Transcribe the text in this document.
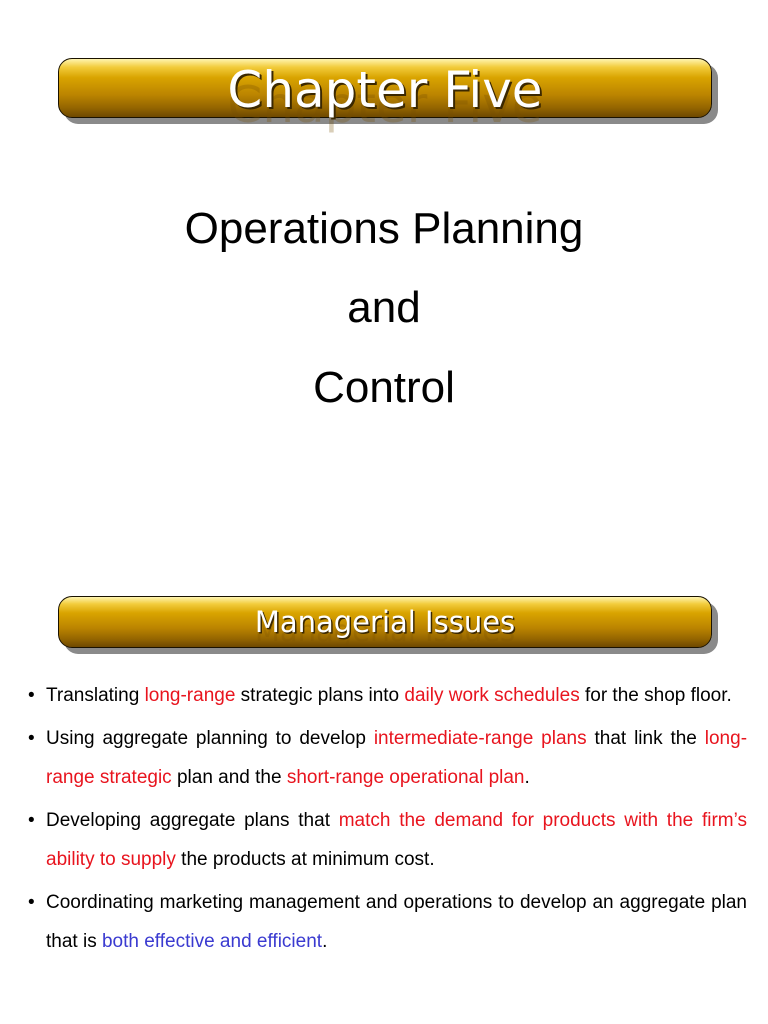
Chapter Five
Operations Planning
and
Control
Managerial Issues
• Translating long-range strategic plans into daily work schedules for the shop floor.
• Using aggregate planning to develop intermediate-range plans that link the long-range strategic plan and the short-range operational plan.
• Developing aggregate plans that match the demand for products with the firm’s ability to supply the products at minimum cost.
• Coordinating marketing management and operations to develop an aggregate plan that is both effective and efficient.
